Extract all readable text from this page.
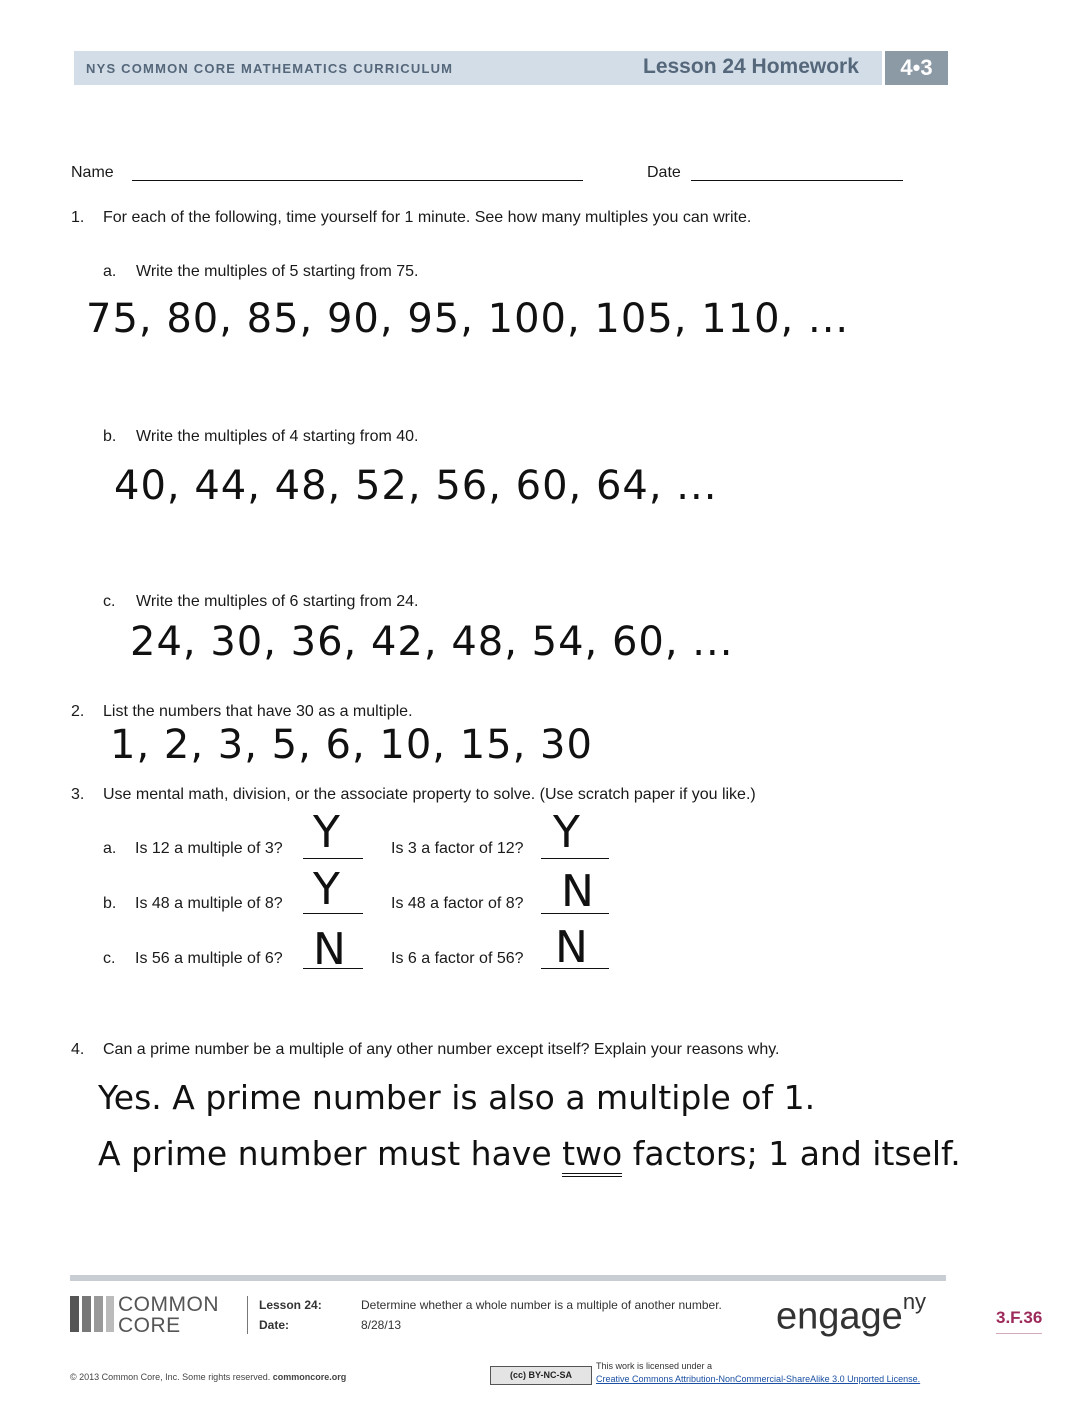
NYS COMMON CORE MATHEMATICS CURRICULUM	Lesson 24 Homework	4•3
Name	Date
1. For each of the following, time yourself for 1 minute. See how many multiples you can write.
a. Write the multiples of 5 starting from 75.
75, 80, 85, 90, 95, 100, 105, 110, ...
b. Write the multiples of 4 starting from 40.
40, 44, 48, 52, 56, 60, 64, ...
c. Write the multiples of 6 starting from 24.
24, 30, 36, 42, 48, 54, 60, ...
2. List the numbers that have 30 as a multiple.
1, 2, 3, 5, 6, 10, 15, 30
3. Use mental math, division, or the associate property to solve. (Use scratch paper if you like.)
a. Is 12 a multiple of 3? Y	Is 3 a factor of 12? Y
b. Is 48 a multiple of 8? Y	Is 48 a factor of 8? N
c. Is 56 a multiple of 6? N	Is 6 a factor of 56? N
4. Can a prime number be a multiple of any other number except itself? Explain your reasons why.
Yes. A prime number is also a multiple of 1.
A prime number must have two factors; 1 and itself.
COMMON
CORE
Lesson 24:	Determine whether a whole number is a multiple of another number.
Date:	8/28/13	engage$^{ny}$
3.F.36
© 2013 Common Core, Inc. Some rights reserved. commoncore.org	(cc) BY-NC-SA
This work is licensed under a
Creative Commons Attribution-NonCommercial-ShareAlike 3.0 Unported License.
